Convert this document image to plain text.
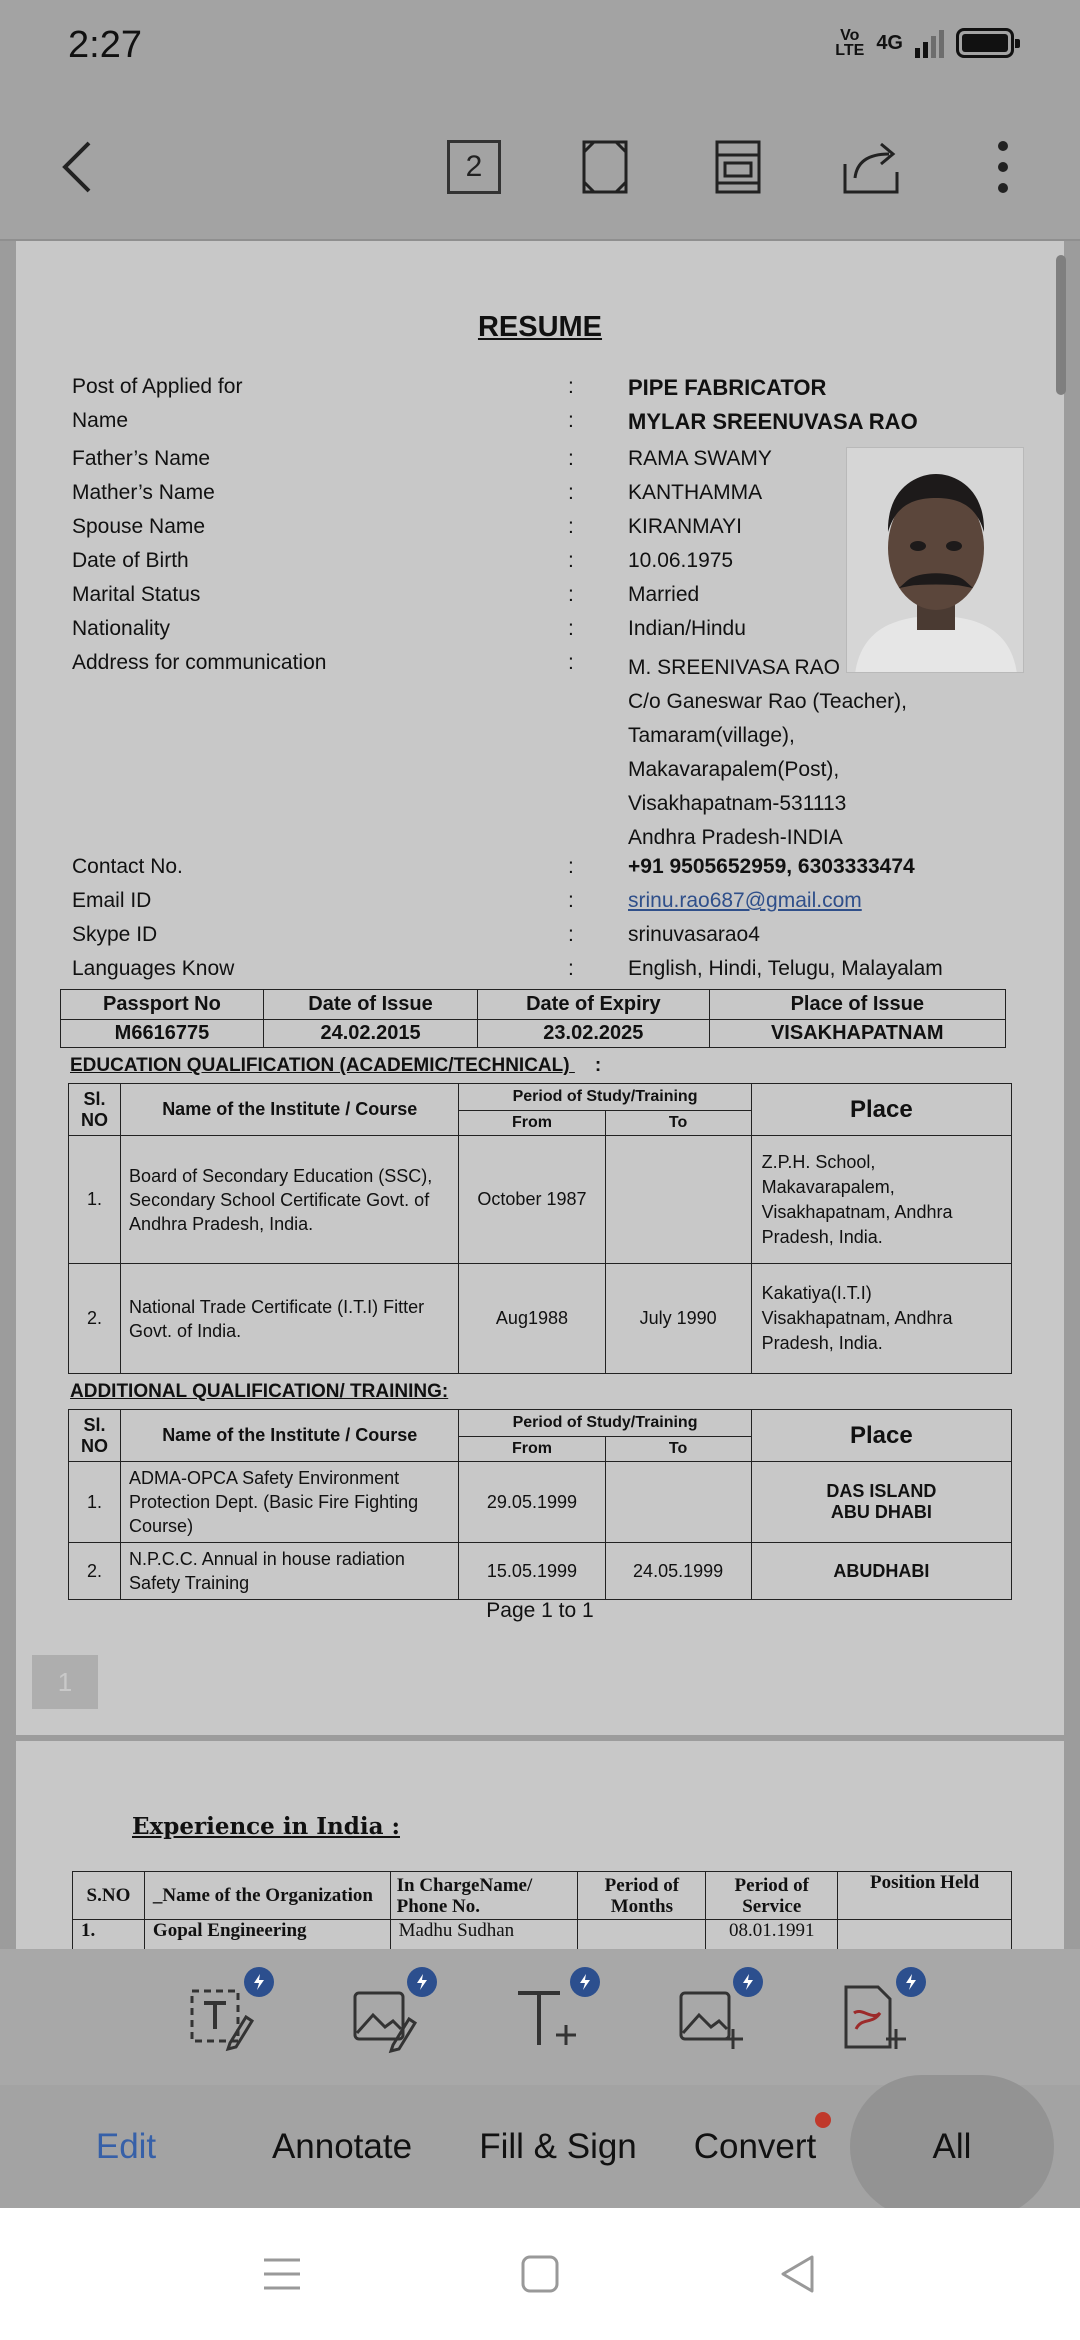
2:27	Vo
LTE 4G
2
RESUME
Post of Applied for	: PIPE FABRICATOR
Name	: MYLAR SREENUVASA RAO
Father’s Name	:	RAMA SWAMY
Mather’s Name	:	KANTHAMMA
Spouse Name	:	KIRANMAYI
Date of Birth	:	10.06.1975
Marital Status	:	Married
Nationality	:	Indian/Hindu
Address for communication	:	M. SREENIVASA RAO
C/o Ganeswar Rao (Teacher),
Tamaram(village),
Makavarapalem(Post),
Visakhapatnam-531113
Andhra Pradesh-INDIA
Contact No.	:	+91 9505652959, 6303333474
Email ID	:	srinu.rao687@gmail.com
Skype ID	:	srinuvasarao4
Languages Know	:	English, Hindi, Telugu, Malayalam
Passport No	Date of Issue	Date of Expiry	Place of Issue
M6616775	24.02.2015	23.02.2025	VISAKHAPATNAM
EDUCATION QUALIFICATION (ACADEMIC/TECHNICAL) :
Sl. NO	Name of the Institute / Course	Period of Study/Training		Place
		From	To	
1.	Board of Secondary Education (SSC), Secondary School Certificate Govt. of Andhra Pradesh, India.	October 1987		Z.P.H. School, Makavarapalem, Visakhapatnam, Andhra Pradesh, India.
2.	National Trade Certificate (I.T.I) Fitter Govt. of India.	Aug1988	July 1990	Kakatiya(I.T.I) Visakhapatnam, Andhra Pradesh, India.
ADDITIONAL QUALIFICATION/ TRAINING:
Sl. NO	Name of the Institute / Course	Period of Study/Training		Place
		From	To	
1.	ADMA-OPCA Safety Environment Protection Dept. (Basic Fire Fighting Course)	29.05.1999		DAS ISLAND ABU DHABI
2.	N.P.C.C. Annual in house radiation Safety Training	15.05.1999	24.05.1999	ABUDHABI
Page 1 to 1
1
Experience in India :
S.NO	_Name of the Organization	In ChargeName/ Phone No.	Period of Months	Period of Service	Position Held
1.	Gopal Engineering	Madhu Sudhan		08.01.1991	
Edit	Annotate	Fill & Sign	Convert	All
